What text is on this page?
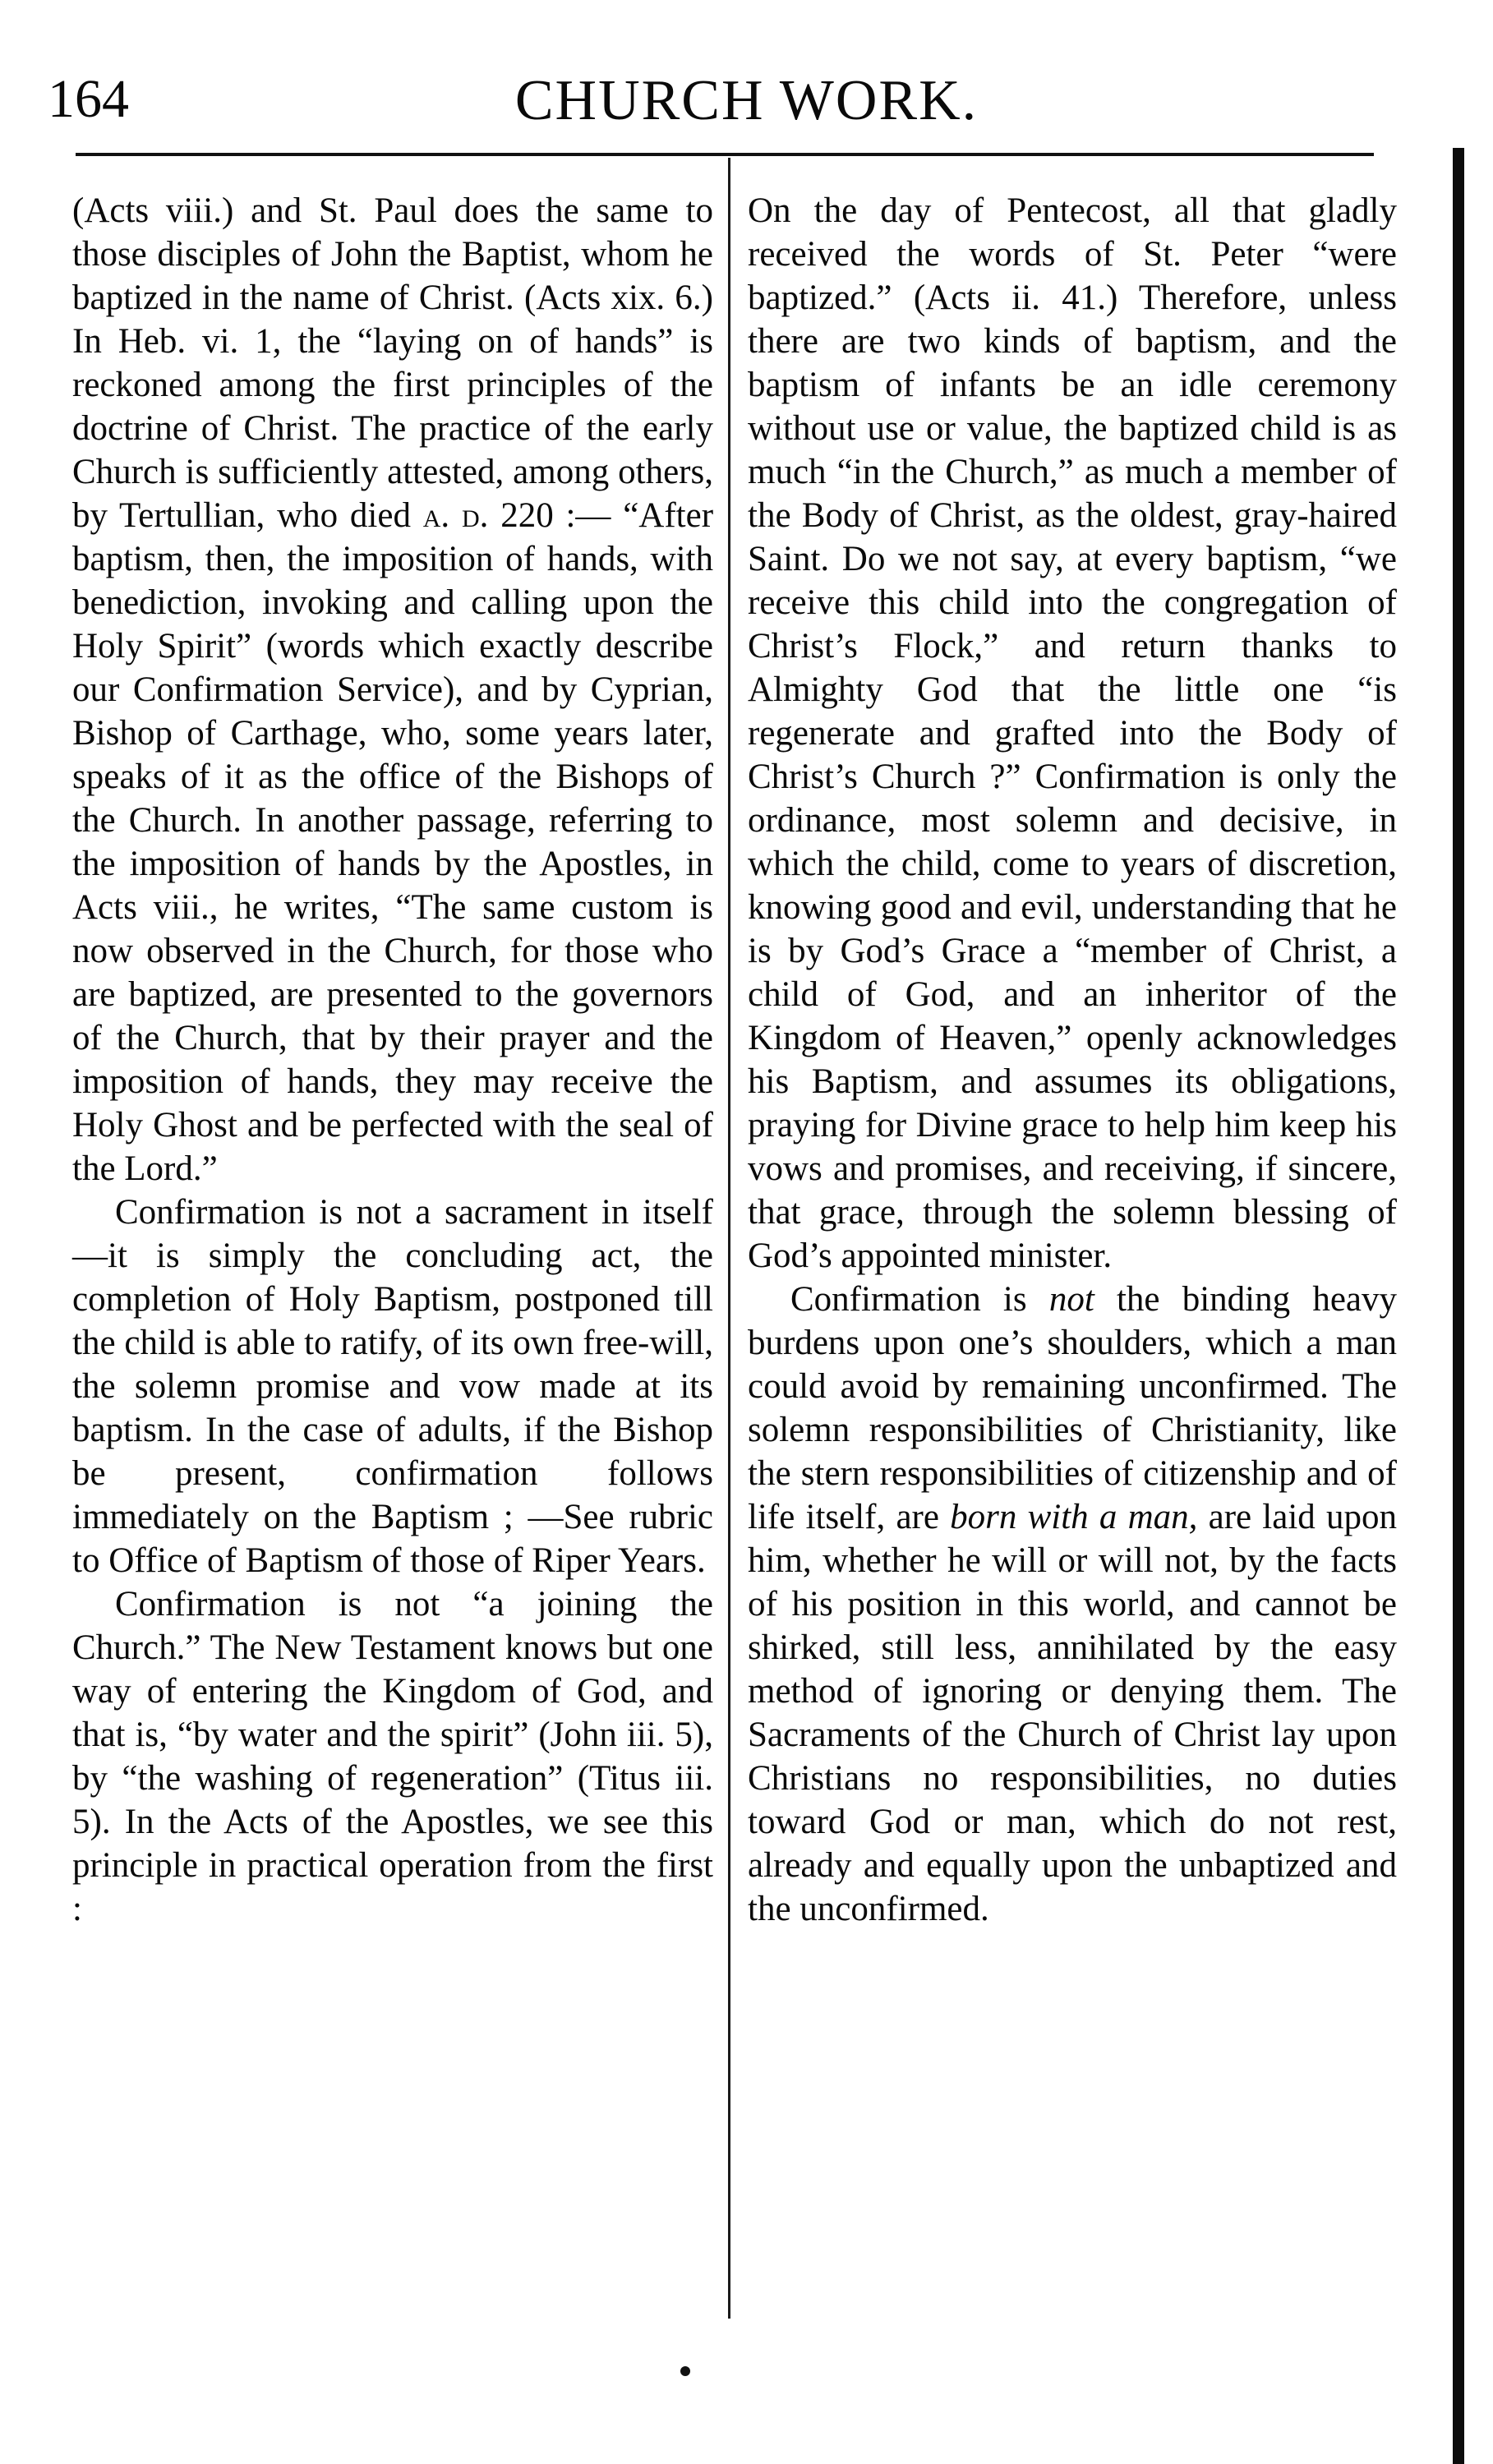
164	CHURCH WORK.

(Acts viii.) and St. Paul does the same to those disciples of John the Baptist, whom he baptized in the name of Christ. (Acts xix. 6.) In Heb. vi. 1, the “laying on of hands” is reckoned among the first principles of the doctrine of Christ. The practice of the early Church is sufficiently attested, among others, by Tertullian, who died a. d. 220 :— “After baptism, then, the imposition of hands, with benediction, invoking and calling upon the Holy Spirit” (words which exactly describe our Confirmation Service), and by Cyprian, Bishop of Carthage, who, some years later, speaks of it as the office of the Bishops of the Church. In another passage, referring to the imposition of hands by the Apostles, in Acts viii., he writes, “The same custom is now observed in the Church, for those who are baptized, are presented to the governors of the Church, that by their prayer and the imposition of hands, they may receive the Holy Ghost and be perfected with the seal of the Lord.”

Confirmation is not a sacrament in itself—it is simply the concluding act, the completion of Holy Baptism, postponed till the child is able to ratify, of its own free-will, the solemn promise and vow made at its baptism. In the case of adults, if the Bishop be present, confirmation follows immediately on the Baptism ; —See rubric to Office of Baptism of those of Riper Years.

Confirmation is not “a joining the Church.” The New Testament knows but one way of entering the Kingdom of God, and that is, “by water and the spirit” (John iii. 5), by “the washing of regeneration” (Titus iii. 5). In the Acts of the Apostles, we see this principle in practical operation from the first :

On the day of Pentecost, all that gladly received the words of St. Peter “were baptized.” (Acts ii. 41.) Therefore, unless there are two kinds of baptism, and the baptism of infants be an idle ceremony without use or value, the baptized child is as much “in the Church,” as much a member of the Body of Christ, as the oldest, gray-haired Saint. Do we not say, at every baptism, “we receive this child into the congregation of Christ’s Flock,” and return thanks to Almighty God that the little one “is regenerate and grafted into the Body of Christ’s Church ?” Confirmation is only the ordinance, most solemn and decisive, in which the child, come to years of discretion, knowing good and evil, understanding that he is by God’s Grace a “member of Christ, a child of God, and an inheritor of the Kingdom of Heaven,” openly acknowledges his Baptism, and assumes its obligations, praying for Divine grace to help him keep his vows and promises, and receiving, if sincere, that grace, through the solemn blessing of God’s appointed minister.

Confirmation is not the binding heavy burdens upon one’s shoulders, which a man could avoid by remaining unconfirmed. The solemn responsibilities of Christianity, like the stern responsibilities of citizenship and of life itself, are born with a man, are laid upon him, whether he will or will not, by the facts of his position in this world, and cannot be shirked, still less, annihilated by the easy method of ignoring or denying them. The Sacraments of the Church of Christ lay upon Christians no responsibilities, no duties toward God or man, which do not rest, already and equally upon the unbaptized and the unconfirmed.
